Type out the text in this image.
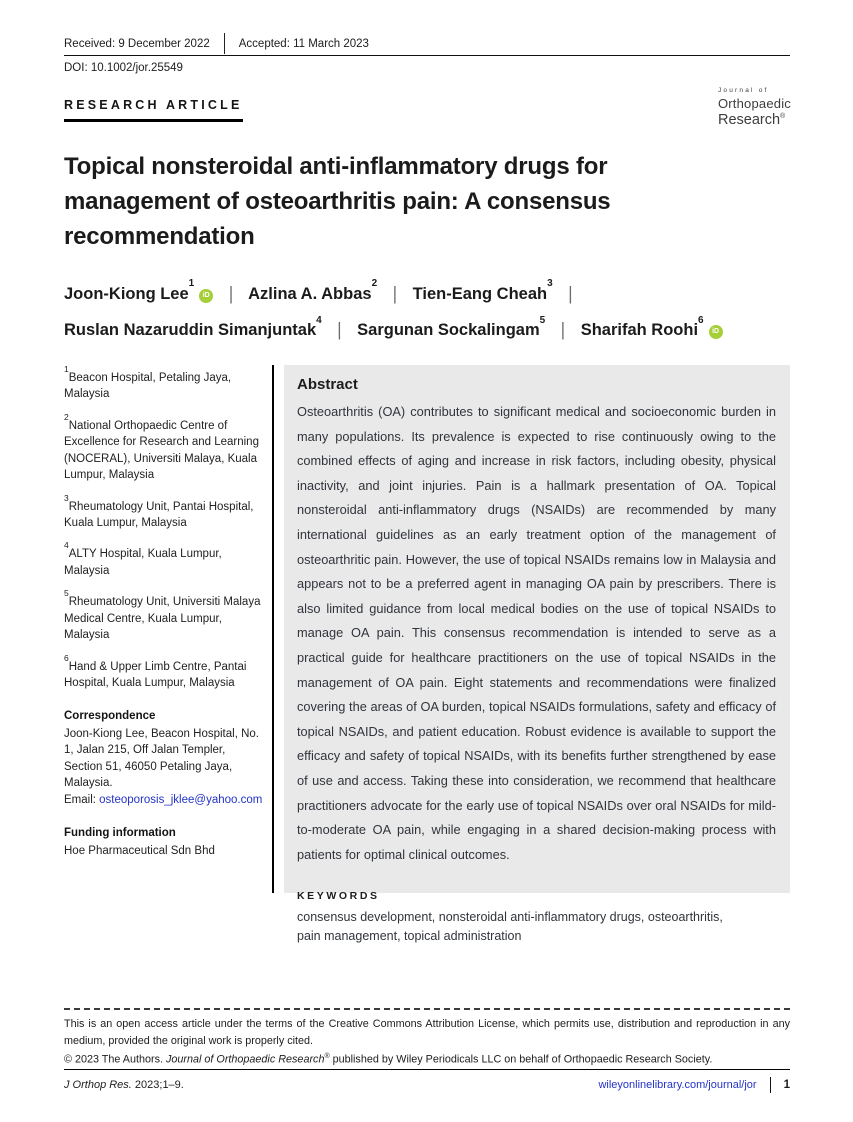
Received: 9 December 2022	Accepted: 11 March 2023
DOI: 10.1002/jor.25549
RESEARCH ARTICLE
Journal of
Orthopaedic
Research®
Topical nonsteroidal anti-inflammatory drugs for management of osteoarthritis pain: A consensus recommendation
Joon-Kiong Lee$^1$iD | Azlina A. Abbas$^2$ | Tien-Eang Cheah$^3$ |
Ruslan Nazaruddin Simanjuntak$^4$ | Sargunan Sockalingam$^5$ | Sharifah Roohi$^6$iD

$^1$Beacon Hospital, Petaling Jaya, Malaysia

$^2$National Orthopaedic Centre of Excellence for Research and Learning (NOCERAL), Universiti Malaya, Kuala Lumpur, Malaysia

$^3$Rheumatology Unit, Pantai Hospital, Kuala Lumpur, Malaysia

$^4$ALTY Hospital, Kuala Lumpur, Malaysia

$^5$Rheumatology Unit, Universiti Malaya Medical Centre, Kuala Lumpur, Malaysia

$^6$Hand & Upper Limb Centre, Pantai Hospital, Kuala Lumpur, Malaysia

Correspondence
Joon-Kiong Lee, Beacon Hospital, No. 1, Jalan 215, Off Jalan Templer, Section 51, 46050 Petaling Jaya, Malaysia.
Email: osteoporosis_jklee@yahoo.com
Funding information
Hoe Pharmaceutical Sdn Bhd
Abstract

Osteoarthritis (OA) contributes to significant medical and socioeconomic burden in many populations. Its prevalence is expected to rise continuously owing to the combined effects of aging and increase in risk factors, including obesity, physical inactivity, and joint injuries. Pain is a hallmark presentation of OA. Topical nonsteroidal anti-inflammatory drugs (NSAIDs) are recommended by many international guidelines as an early treatment option of the management of osteoarthritic pain. However, the use of topical NSAIDs remains low in Malaysia and appears not to be a preferred agent in managing OA pain by prescribers. There is also limited guidance from local medical bodies on the use of topical NSAIDs to manage OA pain. This consensus recommendation is intended to serve as a practical guide for healthcare practitioners on the use of topical NSAIDs in the management of OA pain. Eight statements and recommendations were finalized covering the areas of OA burden, topical NSAIDs formulations, safety and efficacy of topical NSAIDs, and patient education. Robust evidence is available to support the efficacy and safety of topical NSAIDs, with its benefits further strengthened by ease of use and access. Taking these into consideration, we recommend that healthcare practitioners advocate for the early use of topical NSAIDs over oral NSAIDs for mild-to-moderate OA pain, while engaging in a shared decision-making process with patients for optimal clinical outcomes.

KEYWORDS

consensus development, nonsteroidal anti-inflammatory drugs, osteoarthritis, pain management, topical administration

This is an open access article under the terms of the Creative Commons Attribution License, which permits use, distribution and reproduction in any medium, provided the original work is properly cited.

© 2023 The Authors. Journal of Orthopaedic Research® published by Wiley Periodicals LLC on behalf of Orthopaedic Research Society.

J Orthop Res. 2023;1–9.	wileyonlinelibrary.com/journal/jor 1
